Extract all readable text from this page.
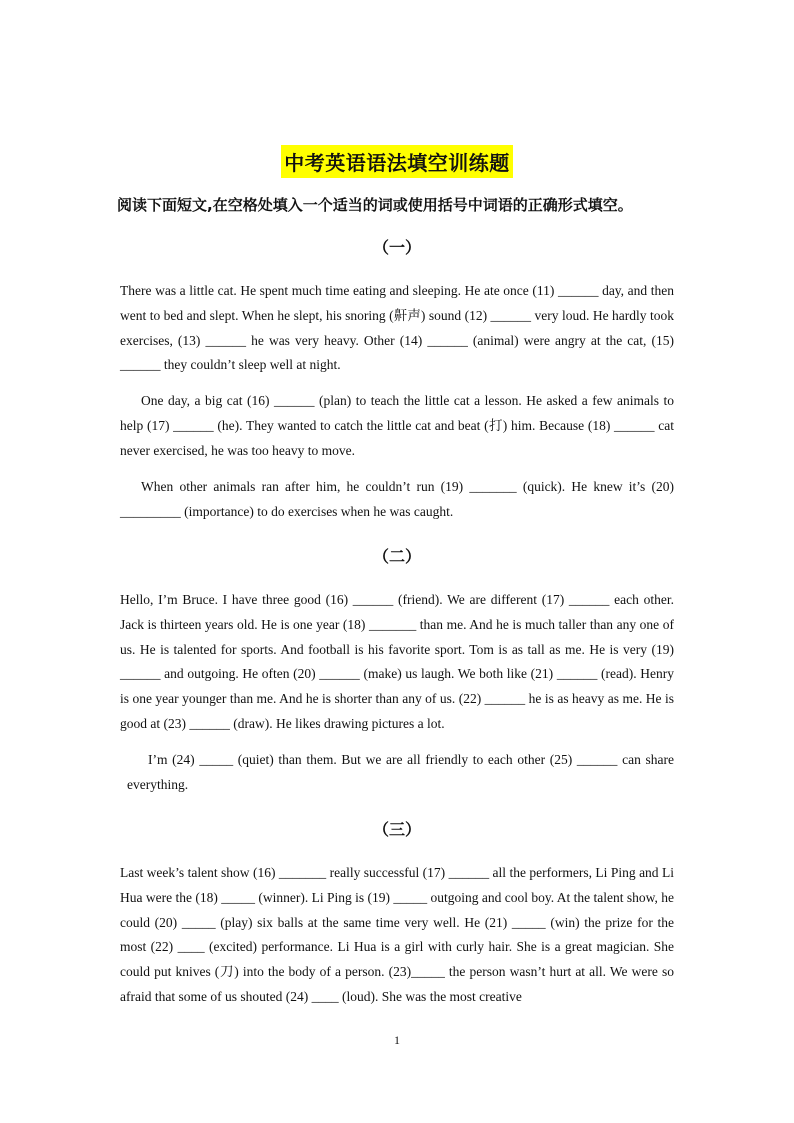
中考英语语法填空训练题
阅读下面短文,在空格处填入一个适当的词或使用括号中词语的正确形式填空。
（一）

There was a little cat. He spent much time eating and sleeping. He ate once (11) ______ day, and then went to bed and slept. When he slept, his snoring (鼾声) sound (12) ______ very loud. He hardly took exercises, (13) ______ he was very heavy. Other (14) ______ (animal) were angry at the cat, (15) ______ they couldn’t sleep well at night.

One day, a big cat (16) ______ (plan) to teach the little cat a lesson. He asked a few animals to help (17) ______ (he). They wanted to catch the little cat and beat (打) him. Because (18) ______ cat never exercised, he was too heavy to move.

When other animals ran after him, he couldn’t run (19) _______ (quick). He knew it’s (20) _________ (importance) to do exercises when he was caught.

（二）

Hello, I’m Bruce. I have three good (16) ______ (friend). We are different (17) ______ each other. Jack is thirteen years old. He is one year (18) _______ than me. And he is much taller than any one of us. He is talented for sports. And football is his favorite sport. Tom is as tall as me. He is very (19) ______ and outgoing. He often (20) ______ (make) us laugh. We both like (21) ______ (read). Henry is one year younger than me. And he is shorter than any of us. (22) ______ he is as heavy as me. He is good at (23) ______ (draw). He likes drawing pictures a lot.

I’m (24) _____ (quiet) than them. But we are all friendly to each other (25) ______ can share everything.

（三）

Last week’s talent show (16) _______ really successful (17) ______ all the performers, Li Ping and Li Hua were the (18) _____ (winner). Li Ping is (19) _____ outgoing and cool boy. At the talent show, he could (20) _____ (play) six balls at the same time very well. He (21) _____ (win) the prize for the most (22) ____ (excited) performance. Li Hua is a girl with curly hair. She is a great magician. She could put knives (刀) into the body of a person. (23)_____ the person wasn’t hurt at all. We were so afraid that some of us shouted (24) ____ (loud). She was the most creative

1
